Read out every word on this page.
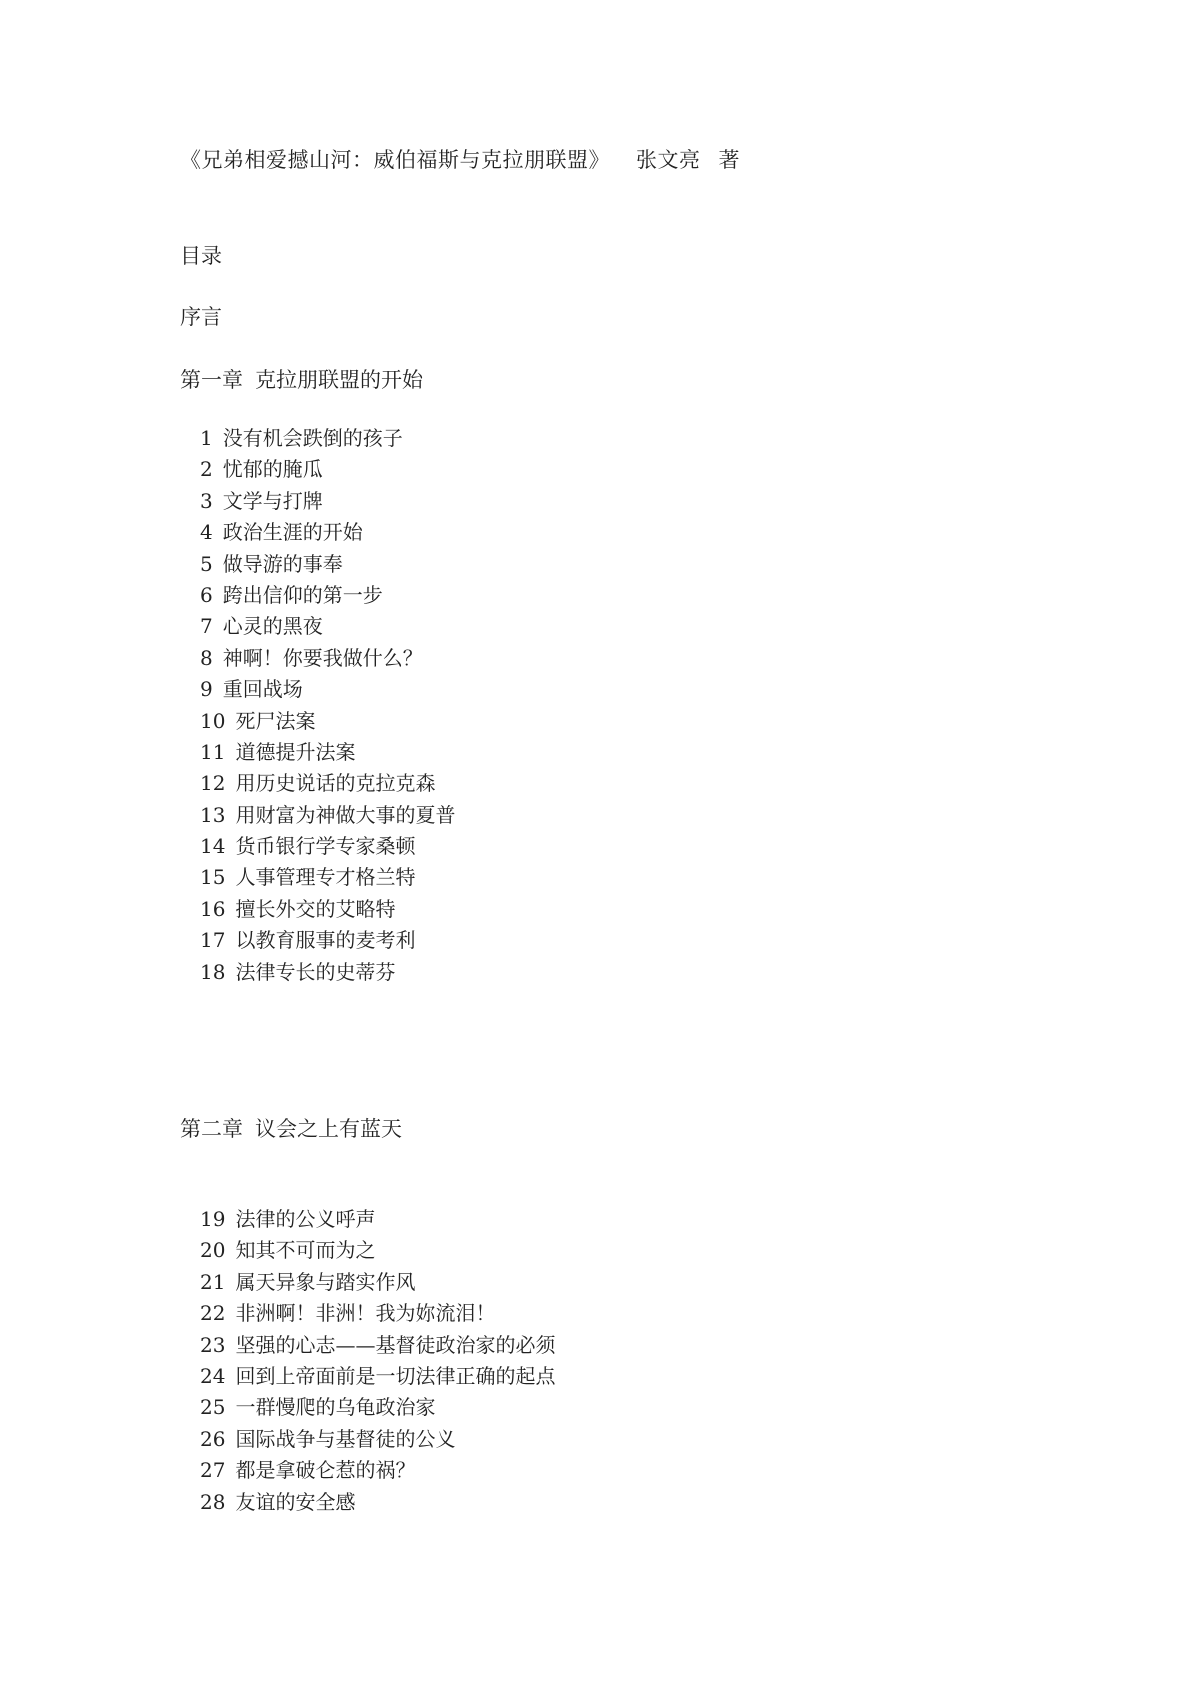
《兄弟相爱撼山河：威伯福斯与克拉朋联盟》 张文亮 著
目录
序言
第一章 克拉朋联盟的开始
1 没有机会跌倒的孩子
2 忧郁的腌瓜
3 文学与打牌
4 政治生涯的开始
5 做导游的事奉
6 跨出信仰的第一步
7 心灵的黑夜
8 神啊！你要我做什么？
9 重回战场
10 死尸法案
11 道德提升法案
12 用历史说话的克拉克森
13 用财富为神做大事的夏普
14 货币银行学专家桑顿
15 人事管理专才格兰特
16 擅长外交的艾略特
17 以教育服事的麦考利
18 法律专长的史蒂芬
第二章 议会之上有蓝天
19 法律的公义呼声
20 知其不可而为之
21 属天异象与踏实作风
22 非洲啊！非洲！我为妳流泪！
23 坚强的心志——基督徒政治家的必须
24 回到上帝面前是一切法律正确的起点
25 一群慢爬的乌龟政治家
26 国际战争与基督徒的公义
27 都是拿破仑惹的祸？
28 友谊的安全感
